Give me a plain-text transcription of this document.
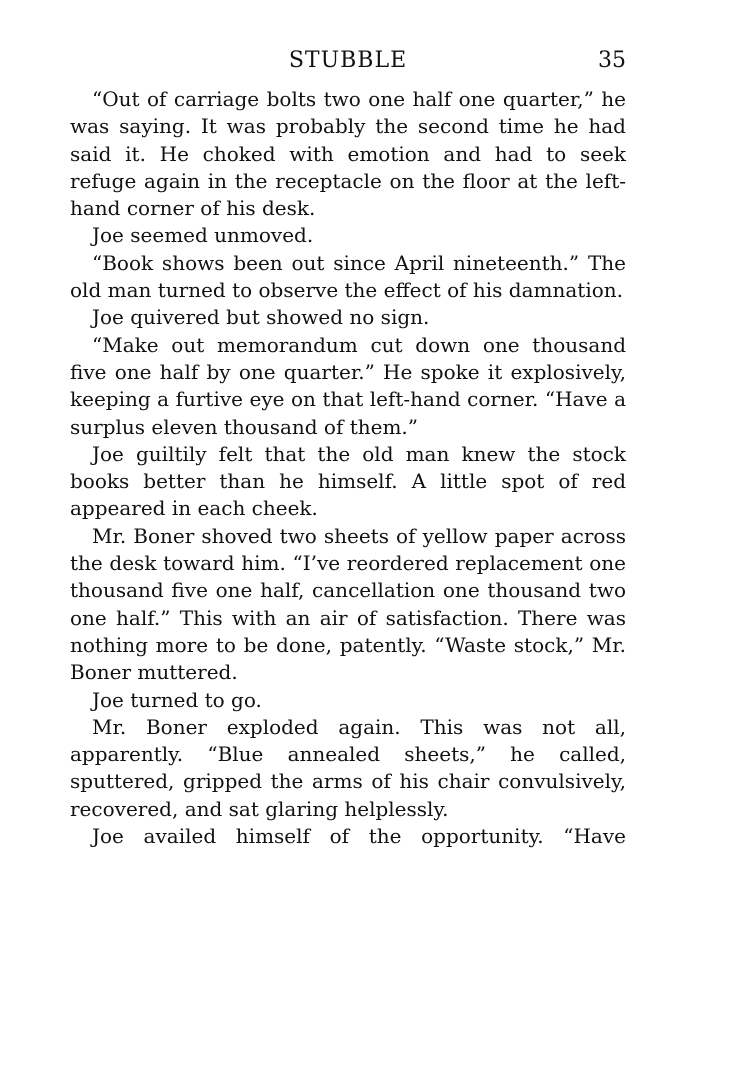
STUBBLE	35

“Out of carriage bolts two one half one quarter,” he was saying. It was probably the second time he had said it. He choked with emotion and had to seek refuge again in the receptacle on the floor at the left-hand corner of his desk.

Joe seemed unmoved.

“Book shows been out since April nineteenth.” The old man turned to observe the effect of his damnation.

Joe quivered but showed no sign.

“Make out memorandum cut down one thousand five one half by one quarter.” He spoke it explosively, keeping a furtive eye on that left-hand corner. “Have a surplus eleven thousand of them.”

Joe guiltily felt that the old man knew the stock books better than he himself. A little spot of red appeared in each cheek.

Mr. Boner shoved two sheets of yellow paper across the desk toward him. “I’ve reordered replacement one thousand five one half, cancellation one thousand two one half.” This with an air of satisfaction. There was nothing more to be done, patently. “Waste stock,” Mr. Boner muttered.

Joe turned to go.

Mr. Boner exploded again. This was not all, apparently. “Blue annealed sheets,” he called, sputtered, gripped the arms of his chair convulsively, recovered, and sat glaring helplessly.

Joe availed himself of the opportunity. “Have
